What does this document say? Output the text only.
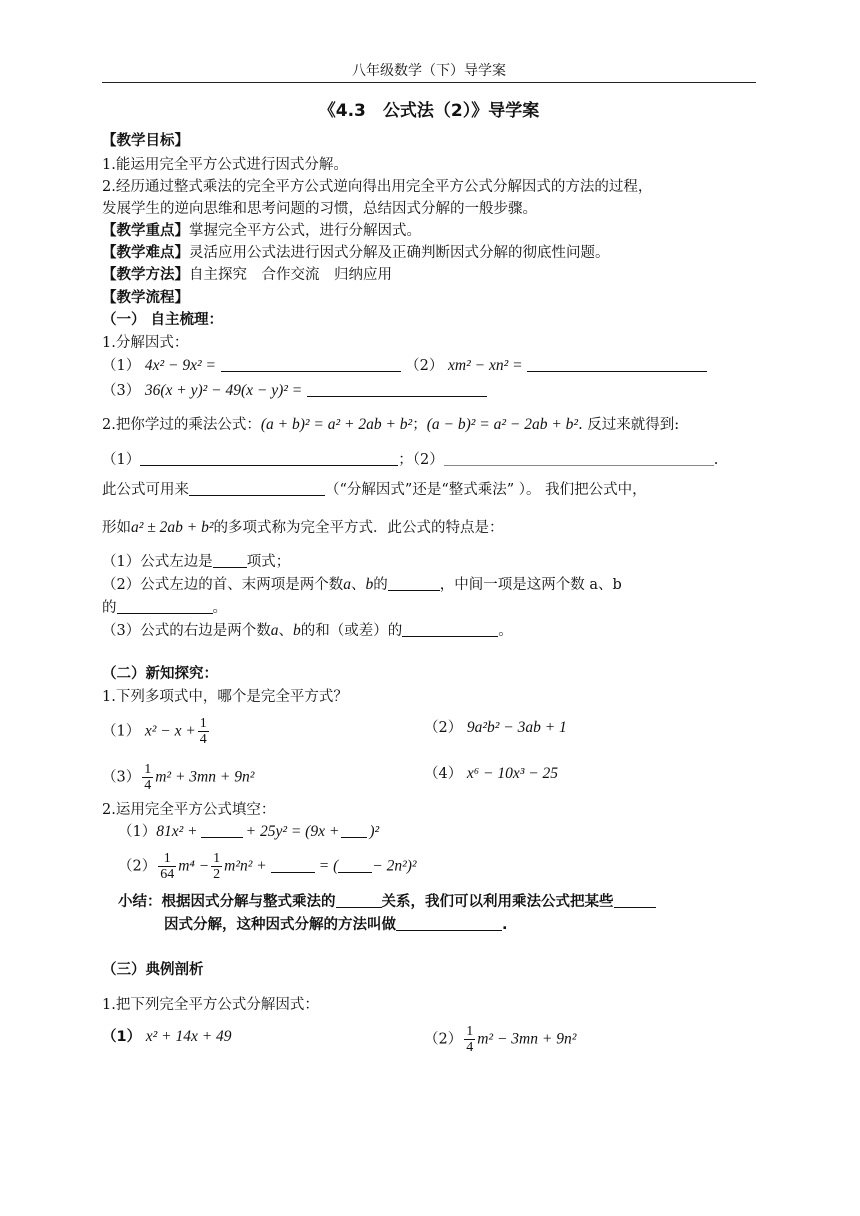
八年级数学（下）导学案
《4.3　公式法（2）》导学案
【教学目标】
1.能运用完全平方公式进行因式分解。
2.经历通过整式乘法的完全平方公式逆向得出用完全平方公式分解因式的方法的过程，
发展学生的逆向思维和思考问题的习惯，总结因式分解的一般步骤。
【教学重点】掌握完全平方公式，进行分解因式。
【教学难点】灵活应用公式法进行因式分解及正确判断因式分解的彻底性问题。
【教学方法】自主探究　合作交流　归纳应用
【教学流程】
（一） 自主梳理：
1.分解因式：
（1） 4x² − 9x² =	（2） xm² − xn² =
（3） 36(x + y)² − 49(x − y)² =
2.把你学过的乘法公式：(a + b)² = a² + 2ab + b²；(a − b)² = a² − 2ab + b². 反过来就得到:
（1）	；（2）	.
此公式可用来	（“分解因式”还是“整式乘法” ）。 我们把公式中，
形如a² ± 2ab + b²的多项式称为完全平方式．此公式的特点是：
（1）公式左边是 项式；
（2）公式左边的首、末两项是两个数a、b的	，中间一项是这两个数 a、b
的	。
（3）公式的右边是两个数a、b的和（或差）的	。
（二）新知探究：
1.下列多项式中，哪个是完全平方式？
（1） $x^2 - x + \frac{1}{4}$	（2） 9a²b² − 3ab + 1
$(3) \frac{1}{4} m^2 + 3mn + 9n^2$	（4） x⁶ − 10x³ − 25
2.运用完全平方公式填空：
（1）81x² +	+ 25y² = (9x + )²
$(2) \frac{1}{64} m^4 - \frac{1}{2} m^2n^2$ +	= ( − 2n²)²
小结：根据因式分解与整式乘法的	关系，我们可以利用乘法公式把某些
因式分解，这种因式分解的方法叫做	.
（三）典例剖析
1.把下列完全平方公式分解因式：
（1） x² + 14x + 49	$(2) \frac{1}{4} m^2 - 3mn + 9n^2$
